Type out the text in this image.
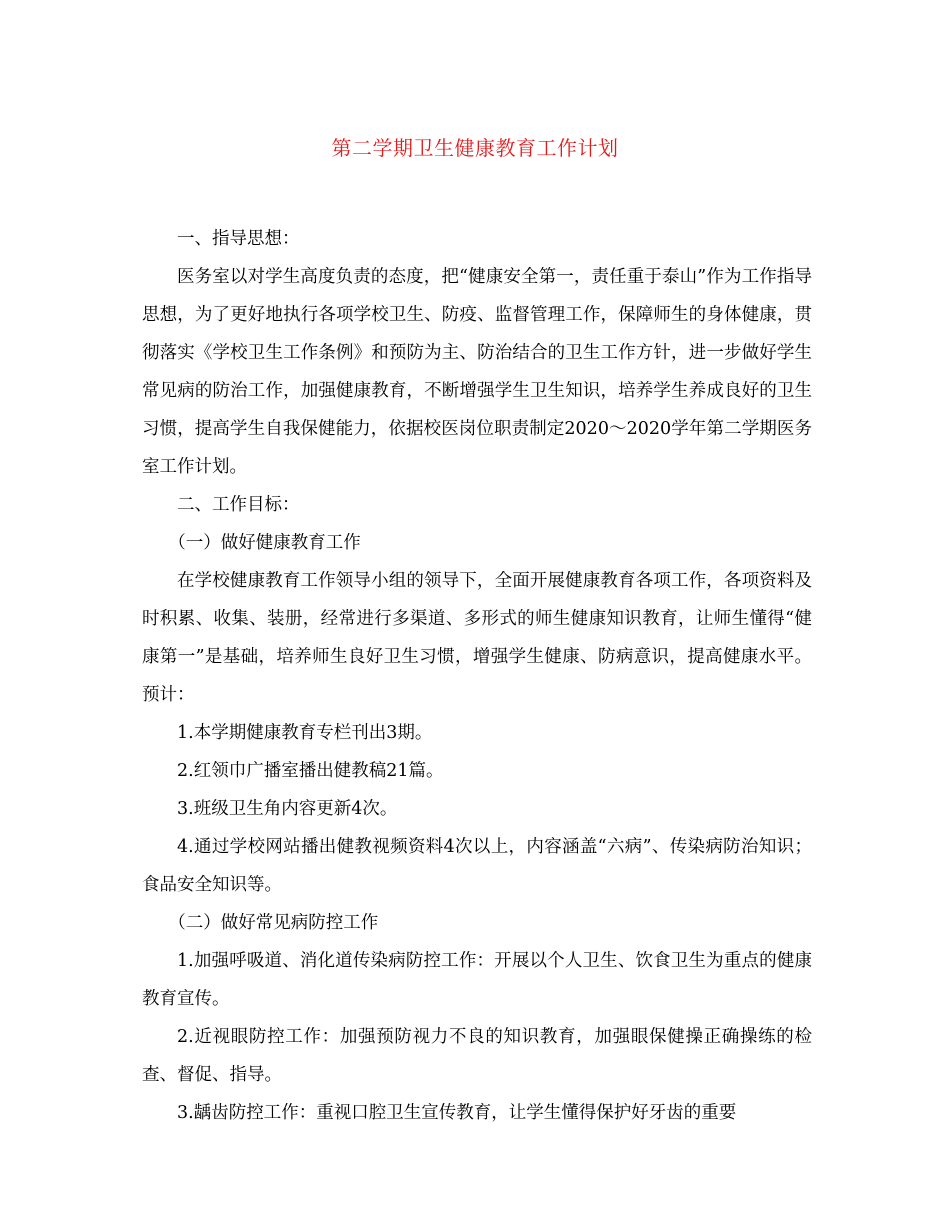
第二学期卫生健康教育工作计划

一、指导思想：

医务室以对学生高度负责的态度，把“健康安全第一，责任重于泰山”作为工作指导思想，为了更好地执行各项学校卫生、防疫、监督管理工作，保障师生的身体健康，贯彻落实《学校卫生工作条例》和预防为主、防治结合的卫生工作方针，进一步做好学生常见病的防治工作，加强健康教育，不断增强学生卫生知识，培养学生养成良好的卫生习惯，提高学生自我保健能力，依据校医岗位职责制定2020～2020学年第二学期医务室工作计划。

二、工作目标：

（一）做好健康教育工作

在学校健康教育工作领导小组的领导下，全面开展健康教育各项工作，各项资料及时积累、收集、装册，经常进行多渠道、多形式的师生健康知识教育，让师生懂得“健康第一”是基础，培养师生良好卫生习惯，增强学生健康、防病意识，提高健康水平。预计：

1.本学期健康教育专栏刊出3期。

2.红领巾广播室播出健教稿21篇。

3.班级卫生角内容更新4次。

4.通过学校网站播出健教视频资料4次以上，内容涵盖“六病”、传染病防治知识；食品安全知识等。

（二）做好常见病防控工作

1.加强呼吸道、消化道传染病防控工作：开展以个人卫生、饮食卫生为重点的健康教育宣传。

2.近视眼防控工作：加强预防视力不良的知识教育，加强眼保健操正确操练的检查、督促、指导。

3.龋齿防控工作：重视口腔卫生宣传教育，让学生懂得保护好牙齿的重要
